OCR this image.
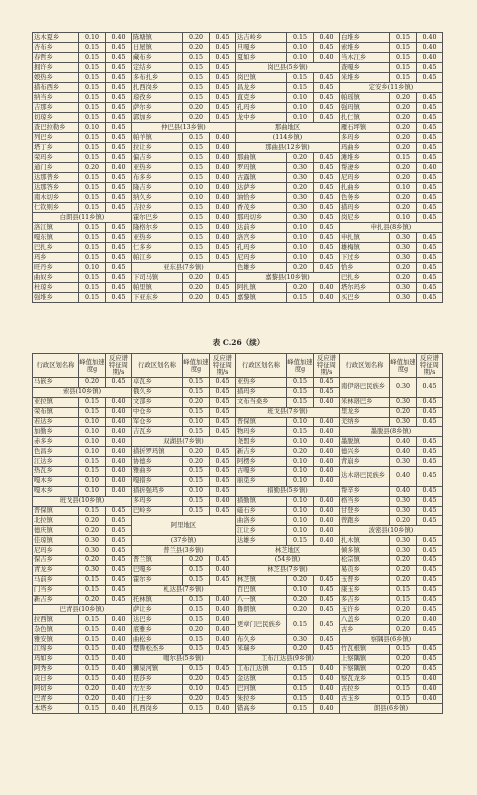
达木夏乡	0.10	0.40	陈塘镇	0.20	0.45	达吉岭乡	0.15	0.40	白堆乡	0.15	0.40
杏布乡	0.15	0.45	日屋镇	0.20	0.45	旦嘎乡	0.10	0.45	索堆乡	0.15	0.40
春哲乡	0.15	0.45	藏布乡	0.15	0.45	夏如乡	0.10	0.40	当木江乡	0.15	0.40
拥许乡	0.15	0.45	定结乡	0.15	0.45	岗巴县(5乡镇)			查嘎乡	0.15	0.45
娘热乡	0.15	0.45	多布扎乡	0.15	0.45	岗巴镇	0.15	0.45	米堆乡	0.15	0.45
措布西乡	0.15	0.45	扎西岗乡	0.15	0.45	昌龙乡	0.15	0.45	定安乡(11乡镇)		
纳当乡	0.15	0.45	琼孜乡	0.15	0.45	直克乡	0.10	0.45	帕瑶镇	0.20	0.45
吉那乡	0.15	0.45	萨尔乡	0.20	0.45	孔玛乡	0.10	0.45	强玛镇	0.20	0.45
切琼乡	0.15	0.45	郭加乡	0.20	0.45	龙中乡	0.10	0.45	扎仁镇	0.20	0.45
查巴拉勒乡	0.10	0.45	仲巴县(13乡镇)			那曲地区			雁石坪镇	0.20	0.45
列巴乡	0.15	0.45	帕羊镇	0.15	0.40	(114乡镇)			多玛乡	0.20	0.45
塔丁乡	0.15	0.45	拉让乡	0.15	0.40	那曲县(12乡镇)			玛曲乡	0.20	0.45
荣玛乡	0.15	0.45	偏吉乡	0.15	0.40	那曲镇	0.20	0.45	滩堆乡	0.15	0.45
通门乡	0.20	0.40	亚热乡	0.15	0.40	罗玛镇	0.30	0.45	帮凄乡	0.20	0.40
达那普乡	0.15	0.45	布多乡	0.15	0.40	古露镇	0.30	0.45	尼玛乡	0.20	0.45
达那答乡	0.15	0.45	隆吉乡	0.10	0.40	达萨乡	0.20	0.45	扎曲乡	0.10	0.45
南木切乡	0.15	0.45	纳久乡	0.10	0.40	油恰乡	0.30	0.45	色务乡	0.20	0.45
仁钦则乡	0.15	0.45	吉拉乡	0.15	0.40	香茂乡	0.30	0.45	措玛乡	0.20	0.45
白朗县(11乡镇)			霍尔巴乡	0.15	0.40	那玛切乡	0.30	0.45	岗尼乡	0.10	0.45
洛江镇	0.15	0.45	隆格尔乡	0.15	0.40	达前乡	0.10	0.45	申扎县(8乡镇)		
嘎东镇	0.15	0.45	亚热乡	0.15	0.40	洛宫乡	0.10	0.45	申扎镇	0.30	0.45
巴扎乡	0.15	0.45	仁多乡	0.15	0.45	孔玛乡	0.10	0.45	雄梅镇	0.30	0.45
玛乡	0.15	0.45	帕江乡	0.15	0.45	尼玛乡	0.10	0.45	下过乡	0.30	0.45
旺丹乡	0.10	0.45	亚东县(7乡镇)			色雄乡	0.20	0.45	恰乡	0.20	0.45
曲奴乡	0.15	0.45	下司马镇	0.20	0.45	嘉黎县(10乡镇)			巴扎乡	0.20	0.45
杜琼乡	0.15	0.45	帕里镇	0.20	0.45	阿扎镇	0.20	0.40	塔尔玛乡	0.30	0.45
强堆乡	0.15	0.45	下亚东乡	0.20	0.45	嘉黎镇	0.15	0.40	买巴乡	0.30	0.45
表 C.26（续）
行政区划名称	峰值加速度g	反应谱特征周期/s	行政区划名称	峰值加速度g	反应谱特征周期/s	行政区划名称	峰值加速度g	反应谱特征周期/s	行政区划名称	峰值加速度g	反应谱特征周期/s
马嵌乡	0.20	0.45	卓瓦乡	0.15	0.45	亚热乡	0.15	0.45	南伊珞巴民族乡	0.30	0.45
索县(10乡镇)			俄久乡	0.15	0.45	措玛乡	0.15	0.45			
亚拉镇	0.15	0.40	文部乡	0.20	0.45	文布当桑乡	0.15	0.40	米林珞巴乡	0.30	0.45
荣布镇	0.15	0.40	中仓乡	0.15	0.45	班戈县(7乡镇)			里龙乡	0.20	0.45
若达乡	0.10	0.40	军仓乡	0.10	0.45	普保镇	0.10	0.40	羌纳乡	0.30	0.45
加勤乡	0.10	0.40	吉瓦乡	0.15	0.45	物玛乡	0.15	0.40	墨脱县(8乡镇)		
赤多乡	0.10	0.40	双湖县(7乡镇)			尧盟乡	0.10	0.40	墨脱镇	0.40	0.45
色昌乡	0.10	0.40	措折罗玛镇	0.20	0.45	新吉乡	0.20	0.40	德兴乡	0.40	0.45
江达乡	0.15	0.40	协德乡	0.20	0.45	阿楞乡	0.10	0.40	背崩乡	0.30	0.45
热瓦乡	0.15	0.40	雅曲乡	0.15	0.45	古嘎乡	0.10	0.40	达木珞巴民族乡	0.40	0.45
嘎木乡	0.10	0.40	嘎措乡	0.15	0.45	丽觅乡	0.10	0.40			
嘎木乡	0.10	0.40	措折强玛乡	0.10	0.45	措勤县(5乡镇)			帮辛乡	0.40	0.45
班戈县(10乡镇)			多玛乡	0.15	0.40	措勤镇	0.10	0.40	格当乡	0.30	0.45
普保镇	0.15	0.45	巴岭乡	0.15	0.45	磁石乡	0.10	0.40	甘登乡	0.30	0.45
北拉镇	0.20	0.45	阿里地区			曲洛乡	0.10	0.40	曾跑乡	0.20	0.45
德庆镇	0.20	0.45				江让乡	0.10	0.40	波密县(10乡镇)		
佳琼镇	0.30	0.45	(37乡镇)			达雄乡	0.15	0.40	扎木镇	0.30	0.45
尼玛乡	0.30	0.45	普兰县(3乡镇)			林芝地区			倾多镇	0.30	0.45
保吉乡	0.20	0.45	普兰镇	0.20	0.45	(54乡镇)			松宗镇	0.20	0.45
青龙乡	0.30	0.45	巴嘎乡	0.15	0.40	林芝县(7乡镇)			易贡乡	0.20	0.45
马前乡	0.15	0.45	霍尔乡	0.15	0.45	林芝镇	0.20	0.45	玉普乡	0.20	0.45
门当乡	0.15	0.45	札达县(7乡镇)			百巴镇	0.10	0.45	康玉乡	0.15	0.45
新吉乡	0.20	0.45	托林镇	0.15	0.40	八一镇	0.20	0.45	多吉乡	0.15	0.45
巴青县(10乡镇)			萨让乡	0.15	0.40	鲁朗镇	0.20	0.45	玉许乡	0.20	0.45
拉西镇	0.15	0.40	达巴乡	0.15	0.40	更章门巴民族乡	0.15	0.45	八盖乡	0.20	0.40
杂色镇	0.15	0.40	底雅乡	0.20	0.40				古乡	0.20	0.45
雅安镇	0.15	0.40	曲松乡	0.15	0.40	布久乡	0.30	0.45	察隅县(6乡镇)		
江绵乡	0.15	0.40	楚鲁松杰乡	0.15	0.45	米瑞乡	0.20	0.45	竹瓦根镇	0.15	0.45
玛如乡	0.15	0.40	噶尔县(5乡镇)			工布江达县(9乡镇)			上察隅镇	0.20	0.45
阿秀乡	0.15	0.40	狮泉河镇	0.15	0.45	工布江达镇	0.15	0.40	下察隅镇	0.20	0.45
贡日乡	0.15	0.40	昆莎乡	0.20	0.45	金达镇	0.15	0.40	察瓦龙乡	0.15	0.40
阿切乡	0.20	0.40	左左乡	0.10	0.45	巴河镇	0.15	0.40	古拉乡	0.15	0.40
巴青乡	0.20	0.40	门士乡	0.20	0.45	朱拉乡	0.15	0.40	古玉乡	0.15	0.40
本塔乡	0.15	0.40	扎西岗乡	0.15	0.40	错高乡	0.15	0.40	朗县(6乡镇)		
